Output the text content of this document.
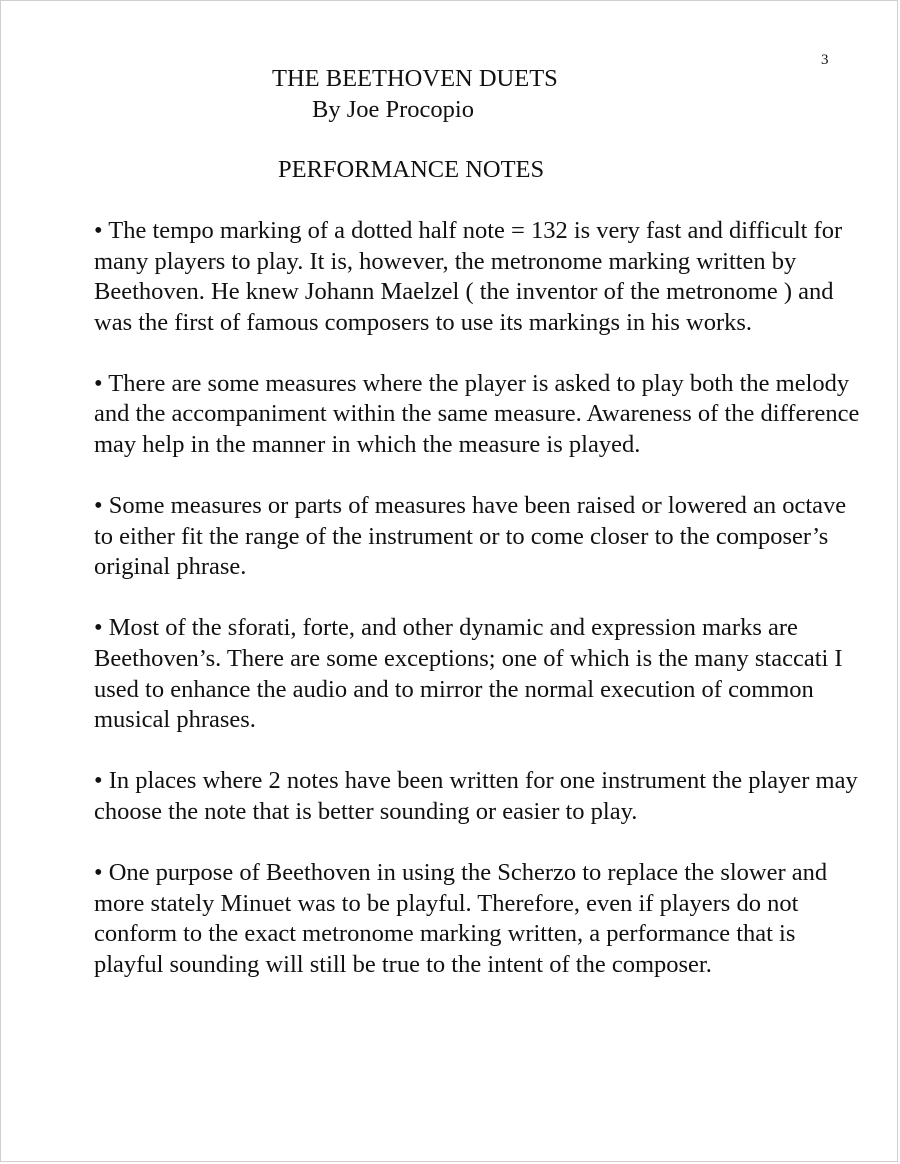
3
THE BEETHOVEN DUETS
By Joe Procopio
PERFORMANCE NOTES
• The tempo marking of a dotted half note = 132 is very fast and difficult for many players to play. It is, however, the metronome marking written by Beethoven. He knew Johann Maelzel ( the inventor of the metronome ) and was the first of famous composers to use its markings in his works.
• There are some measures where the player is asked to play both the melody and the accompaniment within the same measure. Awareness of the difference may help in the manner in which the measure is played.
• Some measures or parts of measures have been raised or lowered an octave to either fit the range of the instrument or to come closer to the composer’s original phrase.
• Most of the sforati, forte, and other dynamic and expression marks are Beethoven’s. There are some exceptions; one of which is the many staccati I used to enhance the audio and to mirror the normal execution of common musical phrases.
• In places where 2 notes have been written for one instrument the player may choose the note that is better sounding or easier to play.
• One purpose of Beethoven in using the Scherzo to replace the slower and more stately Minuet was to be playful. Therefore, even if players do not conform to the exact metronome marking written, a performance that is playful sounding will still be true to the intent of the composer.
